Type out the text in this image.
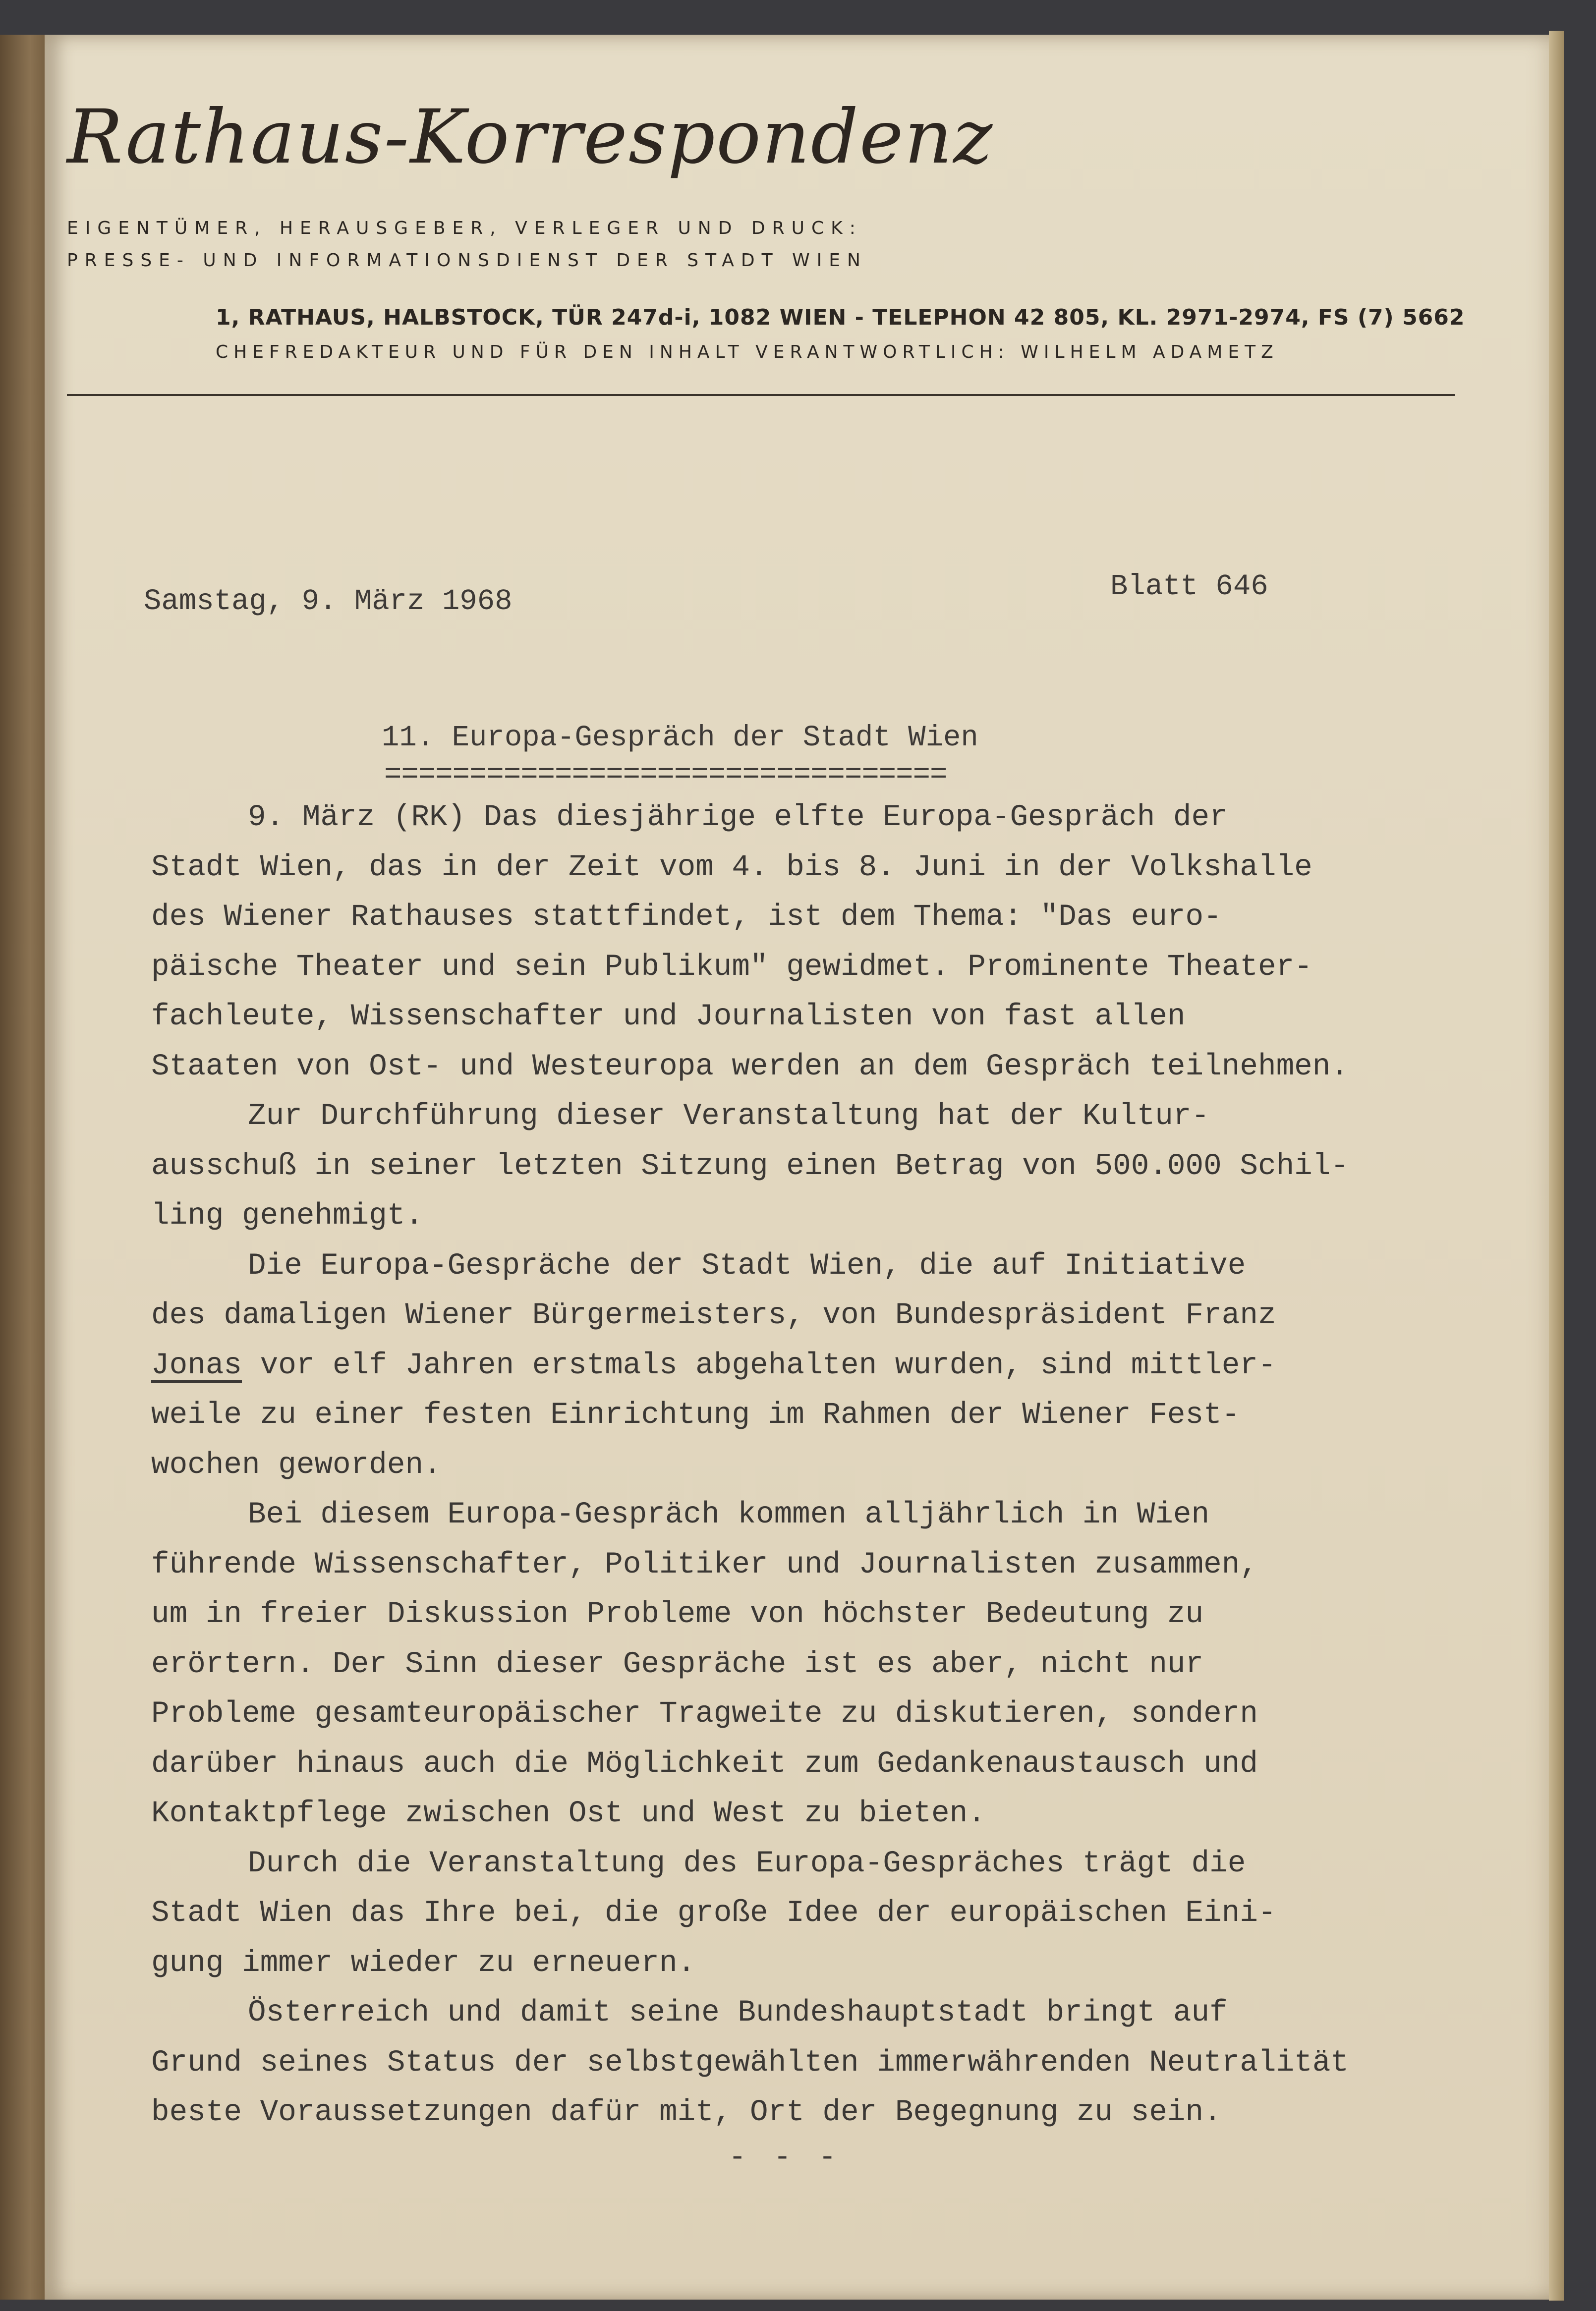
Rathaus-Korrespondenz
EIGENTÜMER, HERAUSGEBER, VERLEGER UND DRUCK:
PRESSE- UND INFORMATIONSDIENST DER STADT WIEN
1, RATHAUS, HALBSTOCK, TÜR 247d-i, 1082 WIEN - TELEPHON 42 805, KL. 2971-2974, FS (7) 5662
CHEFREDAKTEUR UND FÜR DEN INHALT VERANTWORTLICH: WILHELM ADAMETZ
Samstag, 9. März 1968	Blatt 646
11. Europa-Gespräch der Stadt Wien
=================================
9. März (RK) Das diesjährige elfte Europa-Gespräch der
Stadt Wien, das in der Zeit vom 4. bis 8. Juni in der Volkshalle
des Wiener Rathauses stattfindet, ist dem Thema: "Das euro-
päische Theater und sein Publikum" gewidmet. Prominente Theater-
fachleute, Wissenschafter und Journalisten von fast allen
Staaten von Ost- und Westeuropa werden an dem Gespräch teilnehmen.
Zur Durchführung dieser Veranstaltung hat der Kultur-
ausschuß in seiner letzten Sitzung einen Betrag von 500.000 Schil-
ling genehmigt.
Die Europa-Gespräche der Stadt Wien, die auf Initiative
des damaligen Wiener Bürgermeisters, von Bundespräsident Franz
Jonas vor elf Jahren erstmals abgehalten wurden, sind mittler-
weile zu einer festen Einrichtung im Rahmen der Wiener Fest-
wochen geworden.
Bei diesem Europa-Gespräch kommen alljährlich in Wien
führende Wissenschafter, Politiker und Journalisten zusammen,
um in freier Diskussion Probleme von höchster Bedeutung zu
erörtern. Der Sinn dieser Gespräche ist es aber, nicht nur
Probleme gesamteuropäischer Tragweite zu diskutieren, sondern
darüber hinaus auch die Möglichkeit zum Gedankenaustausch und
Kontaktpflege zwischen Ost und West zu bieten.
Durch die Veranstaltung des Europa-Gespräches trägt die
Stadt Wien das Ihre bei, die große Idee der europäischen Eini-
gung immer wieder zu erneuern.
Österreich und damit seine Bundeshauptstadt bringt auf
Grund seines Status der selbstgewählten immerwährenden Neutralität
beste Voraussetzungen dafür mit, Ort der Begegnung zu sein.
- - -
